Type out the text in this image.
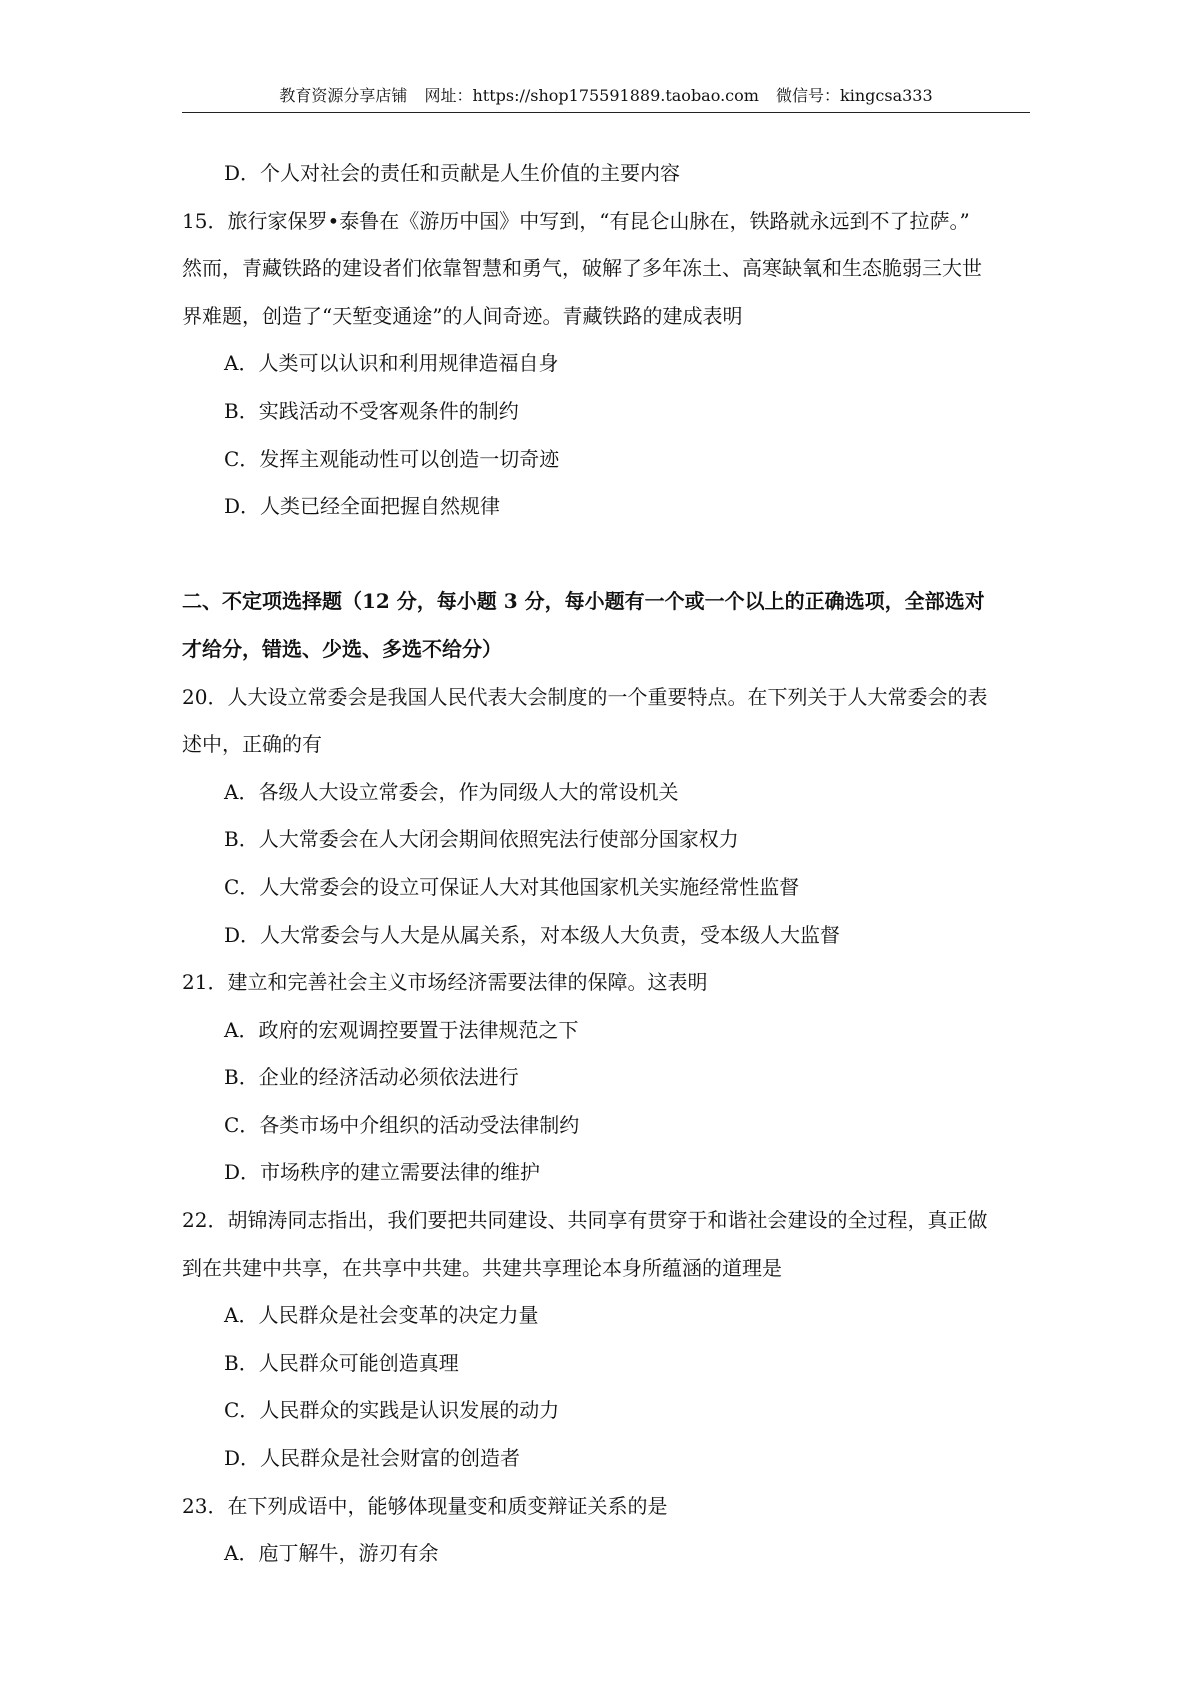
教育资源分享店铺 网址：https://shop175591889.taobao.com 微信号：kingcsa333
D．个人对社会的责任和贡献是人生价值的主要内容
15．旅行家保罗•泰鲁在《游历中国》中写到，“有昆仑山脉在，铁路就永远到不了拉萨。”
然而，青藏铁路的建设者们依靠智慧和勇气，破解了多年冻土、高寒缺氧和生态脆弱三大世
界难题，创造了“天堑变通途”的人间奇迹。青藏铁路的建成表明
A．人类可以认识和利用规律造福自身
B．实践活动不受客观条件的制约
C．发挥主观能动性可以创造一切奇迹
D．人类已经全面把握自然规律
二、不定项选择题（12 分，每小题 3 分，每小题有一个或一个以上的正确选项，全部选对
才给分，错选、少选、多选不给分）
20．人大设立常委会是我国人民代表大会制度的一个重要特点。在下列关于人大常委会的表
述中，正确的有
A．各级人大设立常委会，作为同级人大的常设机关
B．人大常委会在人大闭会期间依照宪法行使部分国家权力
C．人大常委会的设立可保证人大对其他国家机关实施经常性监督
D．人大常委会与人大是从属关系，对本级人大负责，受本级人大监督
21．建立和完善社会主义市场经济需要法律的保障。这表明
A．政府的宏观调控要置于法律规范之下
B．企业的经济活动必须依法进行
C．各类市场中介组织的活动受法律制约
D．市场秩序的建立需要法律的维护
22．胡锦涛同志指出，我们要把共同建设、共同享有贯穿于和谐社会建设的全过程，真正做
到在共建中共享，在共享中共建。共建共享理论本身所蕴涵的道理是
A．人民群众是社会变革的决定力量
B．人民群众可能创造真理
C．人民群众的实践是认识发展的动力
D．人民群众是社会财富的创造者
23．在下列成语中，能够体现量变和质变辩证关系的是
A．庖丁解牛，游刃有余
